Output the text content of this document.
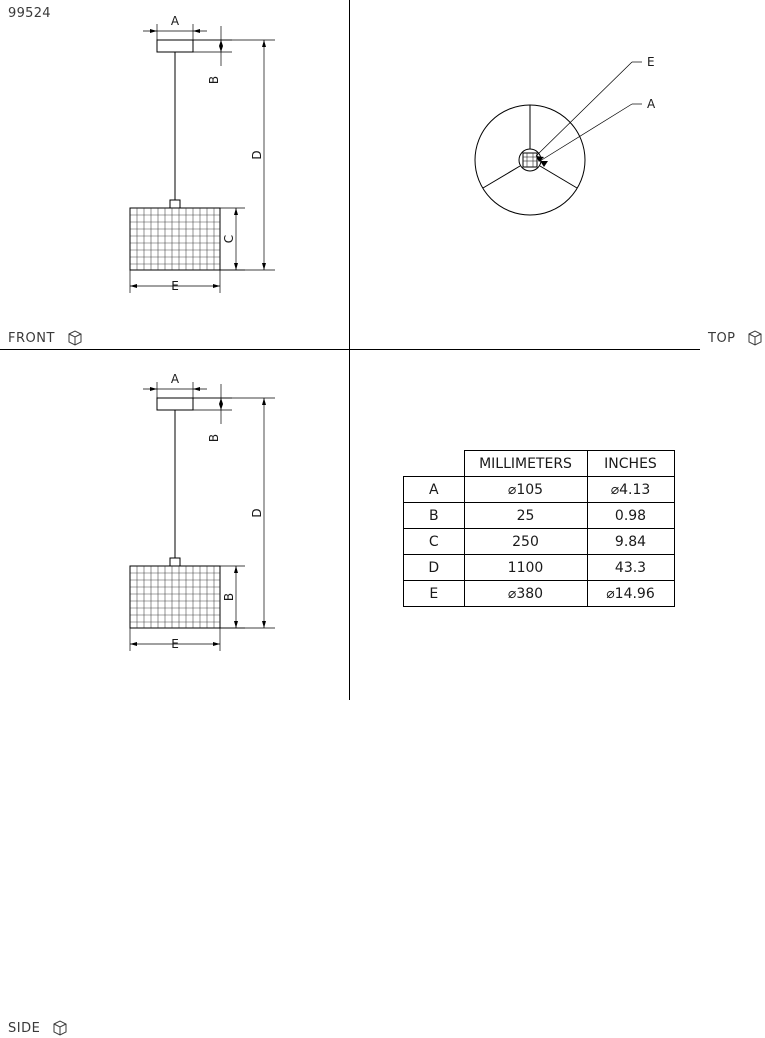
99524	A
B
D
C
E
FRONT
E
A
TOP
A
B
D
B
E
SIDE
	MILLIMETERS	INCHES
A	⌀105	⌀4.13
B	25	0.98
C	250	9.84
D	1100	43.3
E	⌀380	⌀14.96
